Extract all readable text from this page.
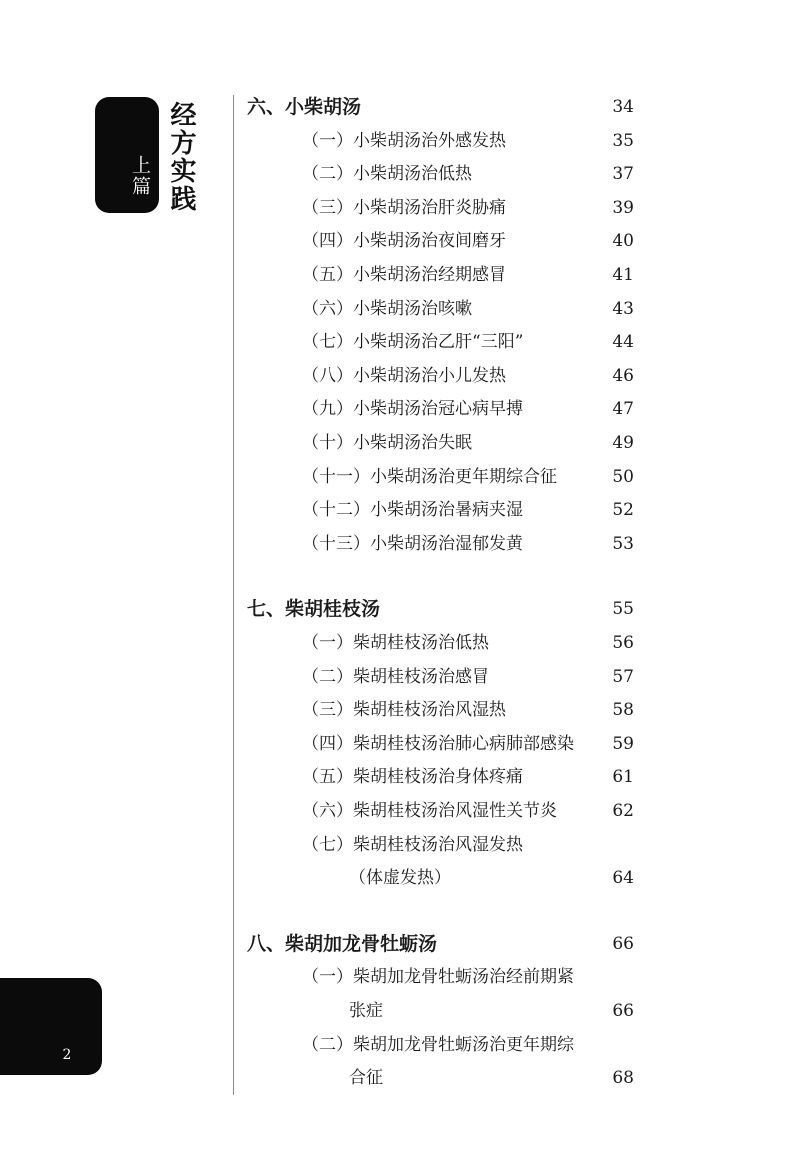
上篇 经方实践	六、小柴胡汤	34
（一）小柴胡汤治外感发热	35
（二）小柴胡汤治低热	37
（三）小柴胡汤治肝炎胁痛	39
（四）小柴胡汤治夜间磨牙	40
（五）小柴胡汤治经期感冒	41
（六）小柴胡汤治咳嗽	43
（七）小柴胡汤治乙肝“三阳”	44
（八）小柴胡汤治小儿发热	46
（九）小柴胡汤治冠心病早搏	47
（十）小柴胡汤治失眠	49
（十一）小柴胡汤治更年期综合征	50
（十二）小柴胡汤治暑病夹湿	52
（十三）小柴胡汤治湿郁发黄	53
七、柴胡桂枝汤	55
（一）柴胡桂枝汤治低热	56
（二）柴胡桂枝汤治感冒	57
（三）柴胡桂枝汤治风湿热	58
（四）柴胡桂枝汤治肺心病肺部感染	59
（五）柴胡桂枝汤治身体疼痛	61
（六）柴胡桂枝汤治风湿性关节炎	62
（七）柴胡桂枝汤治风湿发热
（体虚发热）	64
八、柴胡加龙骨牡蛎汤	66
（一）柴胡加龙骨牡蛎汤治经前期紧
张症	66
（二）柴胡加龙骨牡蛎汤治更年期综
合征	68
2
